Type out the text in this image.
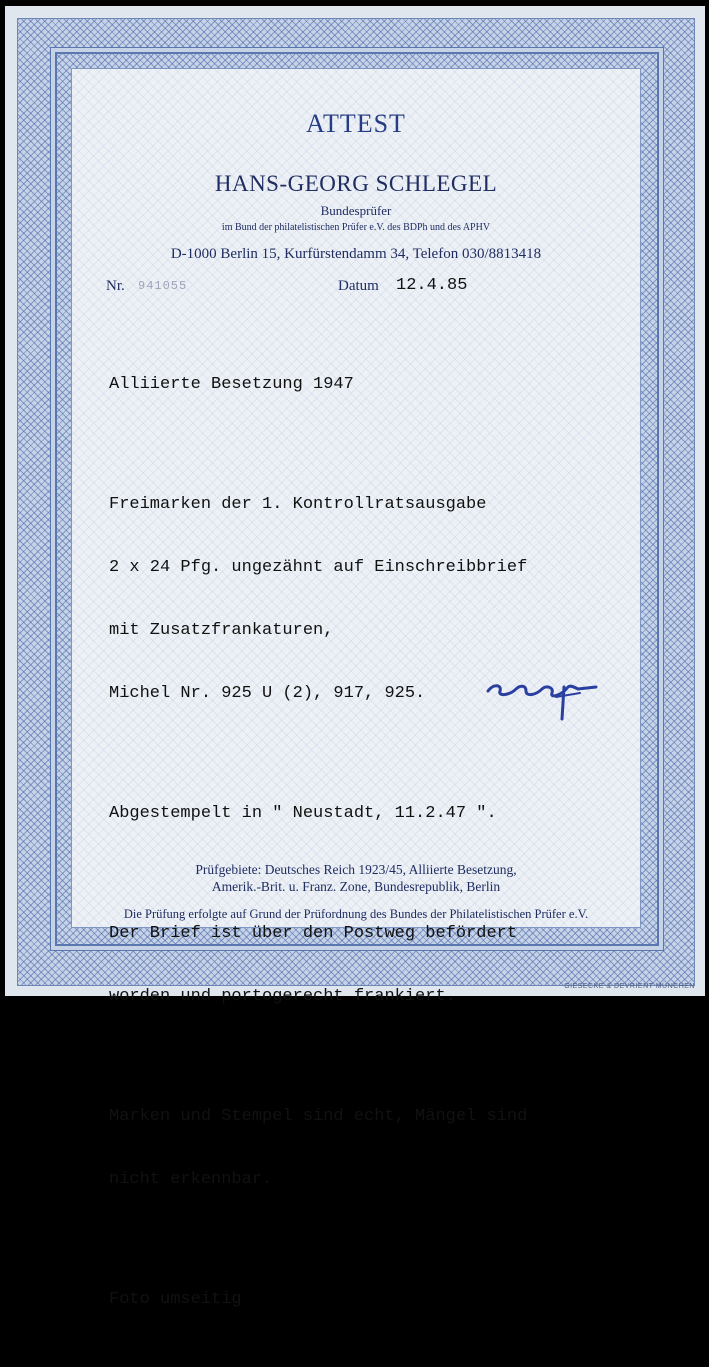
ATTEST
HANS-GEORG SCHLEGEL
Bundesprüfer
im Bund der philatelistischen Prüfer e.V. des BDPh und des APHV
D-1000 Berlin 15, Kurfürstendamm 34, Telefon 030/8813418
Nr. 941055	Datum 12.4.85

Alliierte Besetzung 1947

Freimarken der 1. Kontrollratsausgabe

2 x 24 Pfg. ungezähnt auf Einschreibbrief

mit Zusatzfrankaturen,

Michel Nr. 925 U (2), 917, 925.

Abgestempelt in " Neustadt, 11.2.47 ".

Der Brief ist über den Postweg befördert

worden und portogerecht frankiert.

Marken und Stempel sind echt, Mängel sind

nicht erkennbar.

Foto umseitig

Prüfgebiete: Deutsches Reich 1923/45, Alliierte Besetzung,
Amerik.-Brit. u. Franz. Zone, Bundesrepublik, Berlin
Die Prüfung erfolgte auf Grund der Prüfordnung des Bundes der Philatelistischen Prüfer e.V.
GIESECKE & DEVRIENT MÜNCHEN
